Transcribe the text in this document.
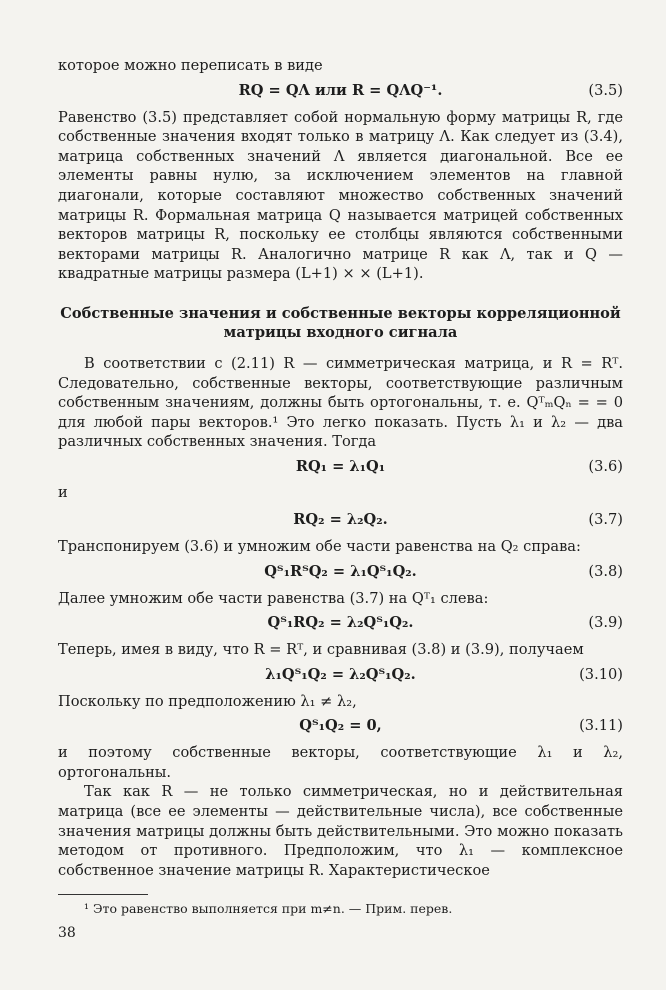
которое можно переписать в виде

RQ = QΛ или R = QΛQ⁻¹.	(3.5)

Равенство (3.5) представляет собой нормальную форму матрицы R, где собственные значения входят только в матрицу Λ. Как следует из (3.4), матрица собственных значений Λ является диагональной. Все ее элементы равны нулю, за исключением элементов на главной диагонали, которые составляют множество собственных значений матрицы R. Формальная матрица Q называется матрицей собственных векторов матрицы R, поскольку ее столбцы являются собственными векторами матрицы R. Аналогично матрице R как Λ, так и Q — квадратные матрицы размера (L+1) × × (L+1).

Собственные значения и собственные векторы корреляционной матрицы входного сигнала

В соответствии с (2.11) R — симметрическая матрица, и R = Rᵀ. Следовательно, собственные векторы, соответствующие различным собственным значениям, должны быть ортогональны, т. е. QᵀₘQₙ = = 0 для любой пары векторов.¹ Это легко показать. Пусть λ₁ и λ₂ — два различных собственных значения. Тогда

RQ₁ = λ₁Q₁	(3.6)
и
RQ₂ = λ₂Q₂.	(3.7)

Транспонируем (3.6) и умножим обе части равенства на Q₂ справа:

Qᵀ₁RᵀQ₂ = λ₁Qᵀ₁Q₂.	(3.8)

Далее умножим обе части равенства (3.7) на Qᵀ₁ слева:

Qᵀ₁RQ₂ = λ₂Qᵀ₁Q₂.	(3.9)

Теперь, имея в виду, что R = Rᵀ, и сравнивая (3.8) и (3.9), получаем

λ₁Qᵀ₁Q₂ = λ₂Qᵀ₁Q₂.	(3.10)

Поскольку по предположению λ₁ ≠ λ₂,

Qᵀ₁Q₂ = 0,	(3.11)

и поэтому собственные векторы, соответствующие λ₁ и λ₂, ортогональны.

Так как R — не только симметрическая, но и действительная матрица (все ее элементы — действительные числа), все собственные значения матрицы должны быть действительными. Это можно показать методом от противного. Предположим, что λ₁ — комплексное собственное значение матрицы R. Характеристическое

¹ Это равенство выполняется при m≠n. — Прим. перев.

38
